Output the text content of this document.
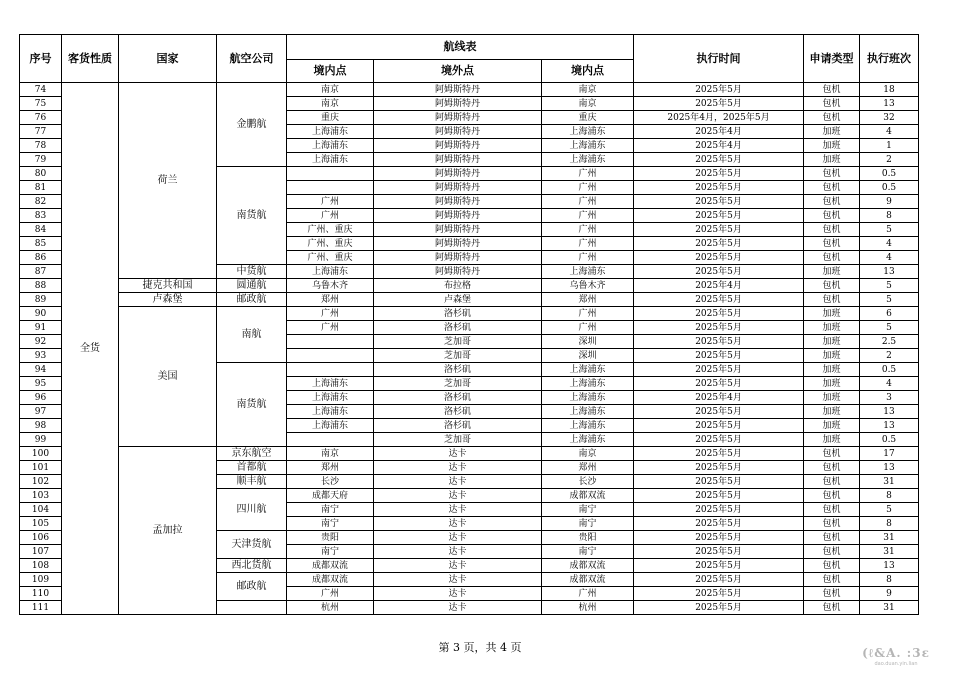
序号	客货性质	国家	航空公司	航线表			执行时间	申请类型	执行班次
				境内点	境外点	境内点			
74	全货	荷兰	金鹏航	南京	阿姆斯特丹	南京	2025年5月	包机	18
75				南京	阿姆斯特丹	南京	2025年5月	包机	13
76				重庆	阿姆斯特丹	重庆	2025年4月，2025年5月	包机	32
77				上海浦东	阿姆斯特丹	上海浦东	2025年4月	加班	4
78				上海浦东	阿姆斯特丹	上海浦东	2025年4月	加班	1
79				上海浦东	阿姆斯特丹	上海浦东	2025年5月	加班	2
80			南货航		阿姆斯特丹	广州	2025年5月	包机	0.5
81					阿姆斯特丹	广州	2025年5月	包机	0.5
82				广州	阿姆斯特丹	广州	2025年5月	包机	9
83				广州	阿姆斯特丹	广州	2025年5月	包机	8
84				广州、重庆	阿姆斯特丹	广州	2025年5月	包机	5
85				广州、重庆	阿姆斯特丹	广州	2025年5月	包机	4
86				广州、重庆	阿姆斯特丹	广州	2025年5月	包机	4
87			中货航	上海浦东	阿姆斯特丹	上海浦东	2025年5月	加班	13
88		捷克共和国	圆通航	乌鲁木齐	布拉格	乌鲁木齐	2025年4月	包机	5
89		卢森堡	邮政航	郑州	卢森堡	郑州	2025年5月	包机	5
90		美国	南航	广州	洛杉矶	广州	2025年5月	加班	6
91				广州	洛杉矶	广州	2025年5月	加班	5
92					芝加哥	深圳	2025年5月	加班	2.5
93					芝加哥	深圳	2025年5月	加班	2
94			南货航		洛杉矶	上海浦东	2025年5月	加班	0.5
95				上海浦东	芝加哥	上海浦东	2025年5月	加班	4
96				上海浦东	洛杉矶	上海浦东	2025年4月	加班	3
97				上海浦东	洛杉矶	上海浦东	2025年5月	加班	13
98				上海浦东	洛杉矶	上海浦东	2025年5月	加班	13
99					芝加哥	上海浦东	2025年5月	加班	0.5
100		孟加拉	京东航空	南京	达卡	南京	2025年5月	包机	17
101			首都航	郑州	达卡	郑州	2025年5月	包机	13
102			顺丰航	长沙	达卡	长沙	2025年5月	包机	31
103			四川航	成都天府	达卡	成都双流	2025年5月	包机	8
104				南宁	达卡	南宁	2025年5月	包机	5
105				南宁	达卡	南宁	2025年5月	包机	8
106			天津货航	贵阳	达卡	贵阳	2025年5月	包机	31
107				南宁	达卡	南宁	2025年5月	包机	31
108			西北货航	成都双流	达卡	成都双流	2025年5月	包机	13
109			邮政航	成都双流	达卡	成都双流	2025年5月	包机	8
110				广州	达卡	广州	2025年5月	包机	9
111				杭州	达卡	杭州	2025年5月	包机	31
第 3 页，共 4 页	(ℓ&A. :3ε
dao.duan.yin.lian
